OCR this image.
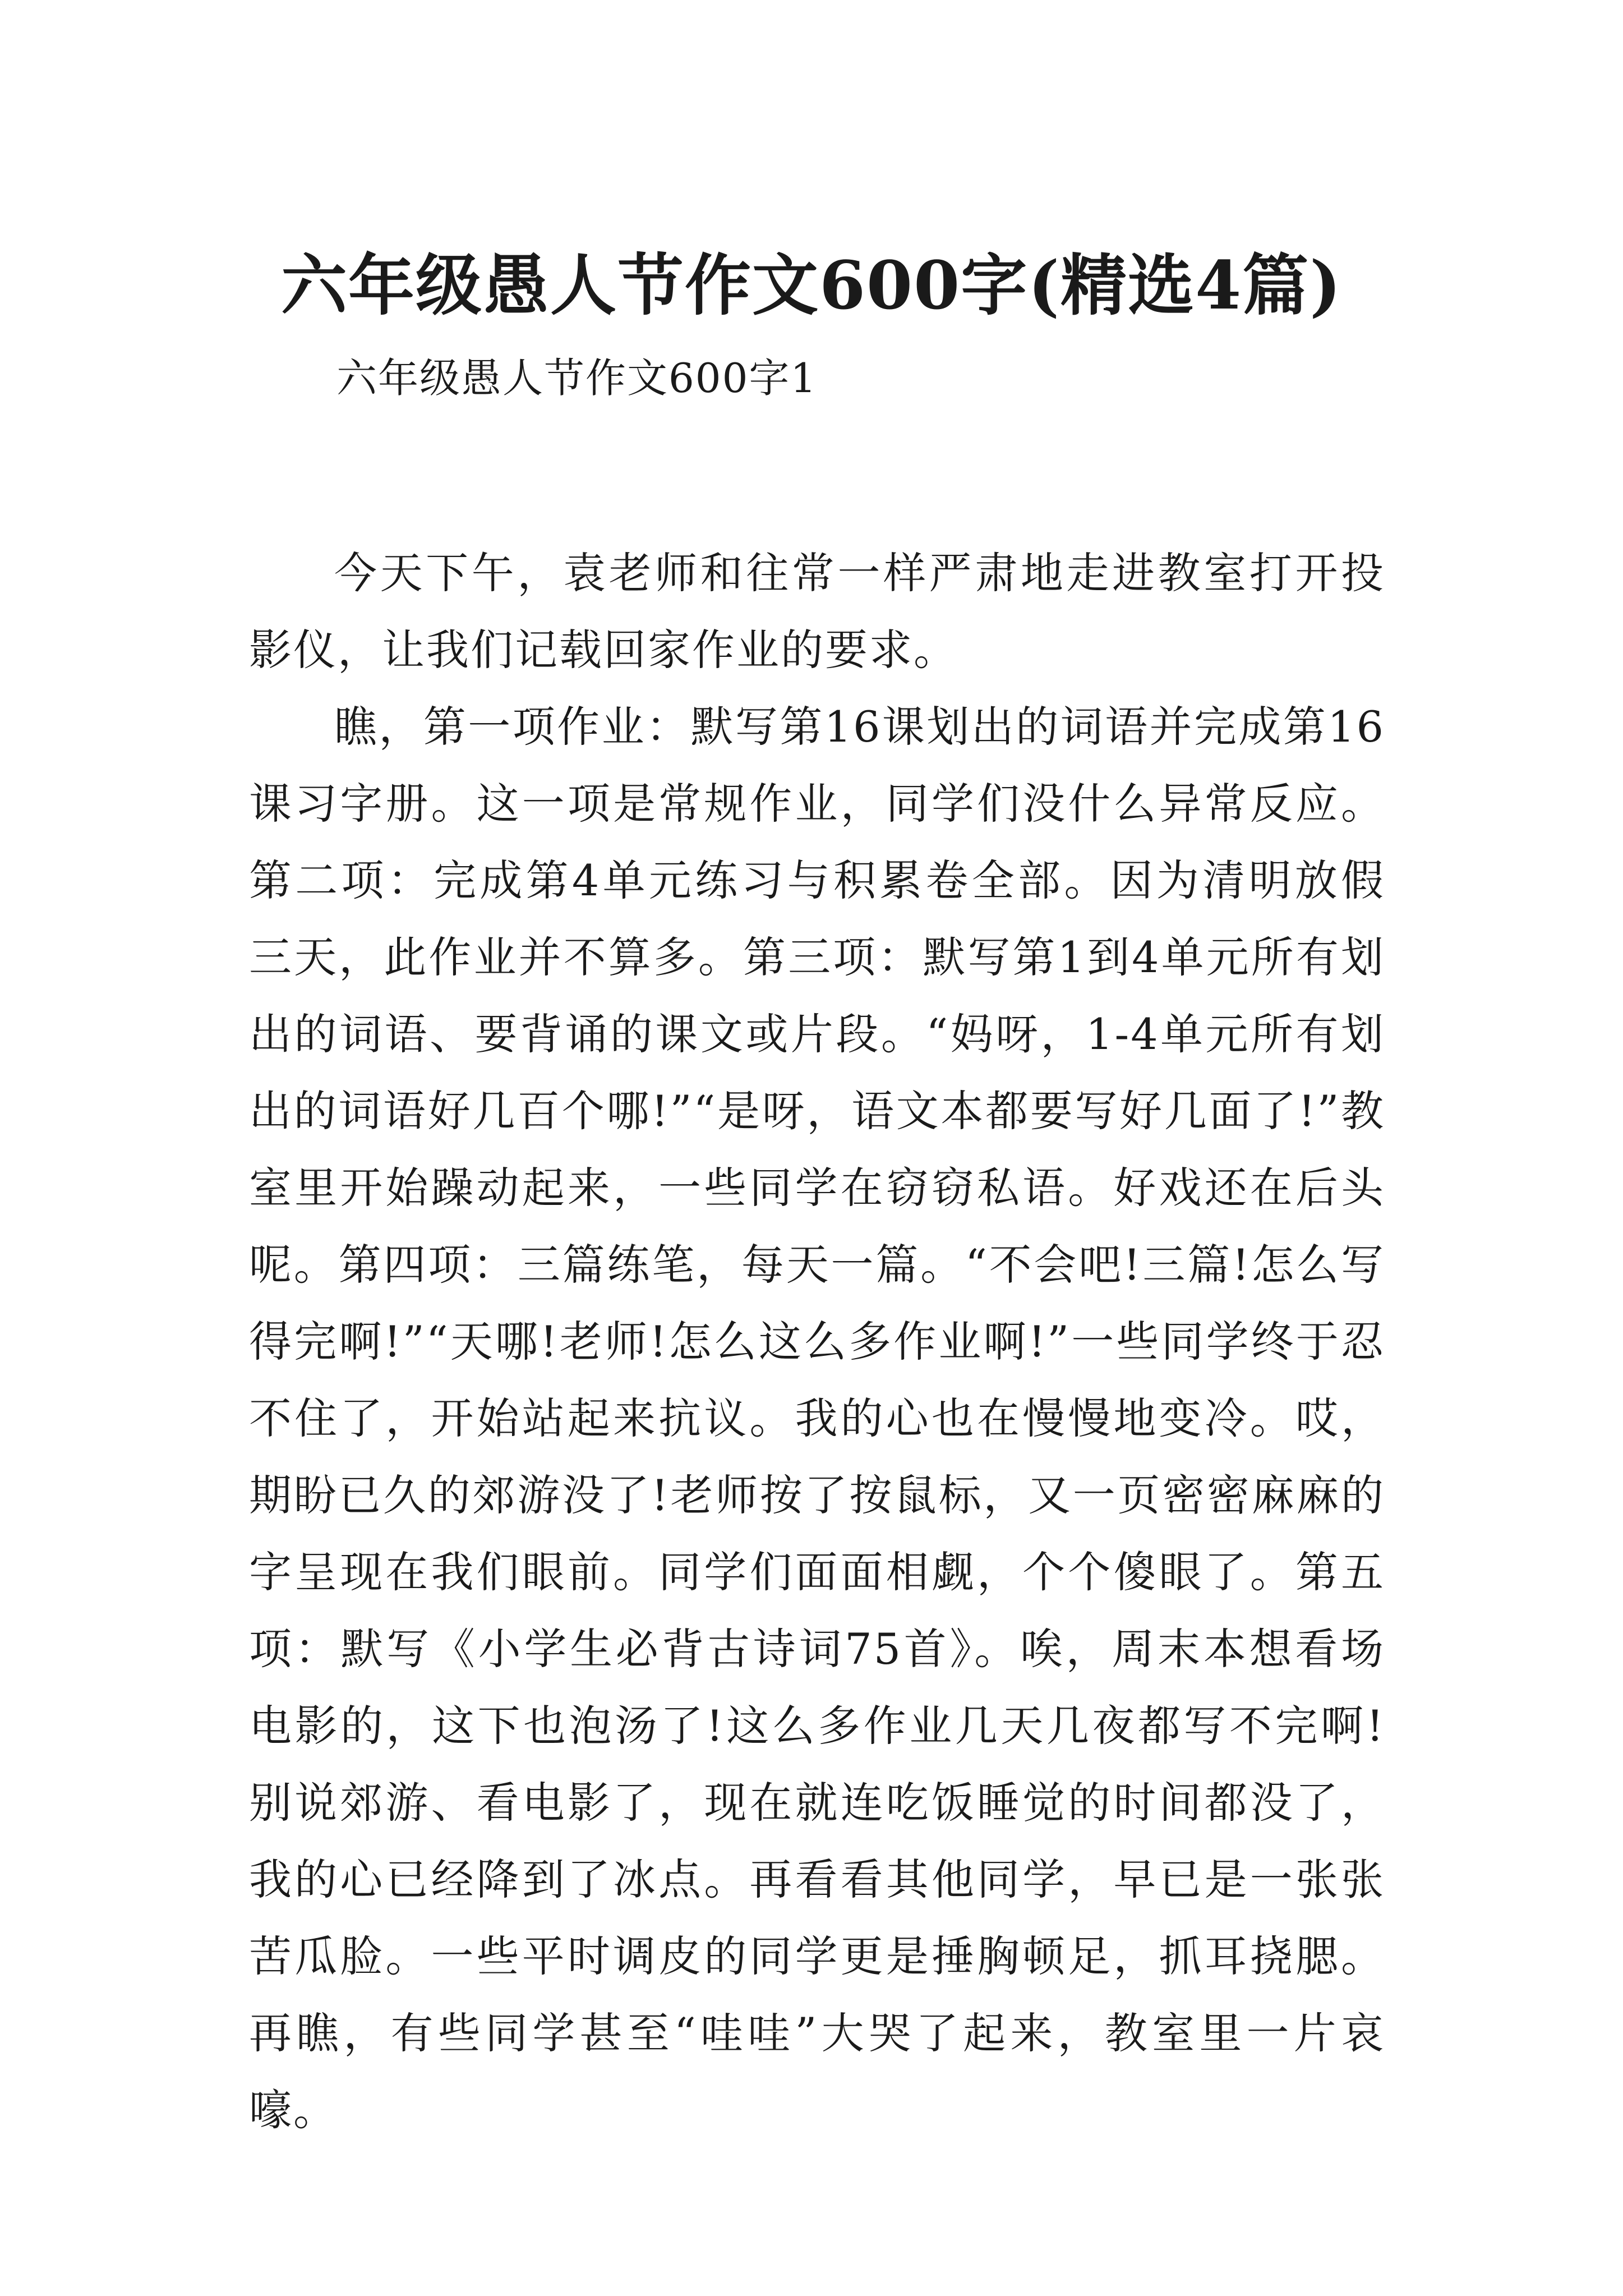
六年级愚人节作文600字(精选4篇)
六年级愚人节作文600字1

今天下午，袁老师和往常一样严肃地走进教室打开投影仪，让我们记载回家作业的要求。

瞧，第一项作业：默写第16课划出的词语并完成第16课习字册。这一项是常规作业，同学们没什么异常反应。第二项：完成第4单元练习与积累卷全部。因为清明放假三天，此作业并不算多。第三项：默写第1到4单元所有划出的词语、要背诵的课文或片段。“妈呀，1-4单元所有划出的词语好几百个哪!”“是呀，语文本都要写好几面了!”教室里开始躁动起来，一些同学在窃窃私语。好戏还在后头呢。第四项：三篇练笔，每天一篇。“不会吧!三篇!怎么写得完啊!”“天哪!老师!怎么这么多作业啊!”一些同学终于忍不住了，开始站起来抗议。我的心也在慢慢地变冷。哎，期盼已久的郊游没了!老师按了按鼠标，又一页密密麻麻的字呈现在我们眼前。同学们面面相觑，个个傻眼了。第五项：默写《小学生必背古诗词75首》。唉，周末本想看场电影的，这下也泡汤了!这么多作业几天几夜都写不完啊!别说郊游、看电影了，现在就连吃饭睡觉的时间都没了，我的心已经降到了冰点。再看看其他同学，早已是一张张苦瓜脸。一些平时调皮的同学更是捶胸顿足，抓耳挠腮。再瞧，有些同学甚至“哇哇”大哭了起来，教室里一片哀嚎。
